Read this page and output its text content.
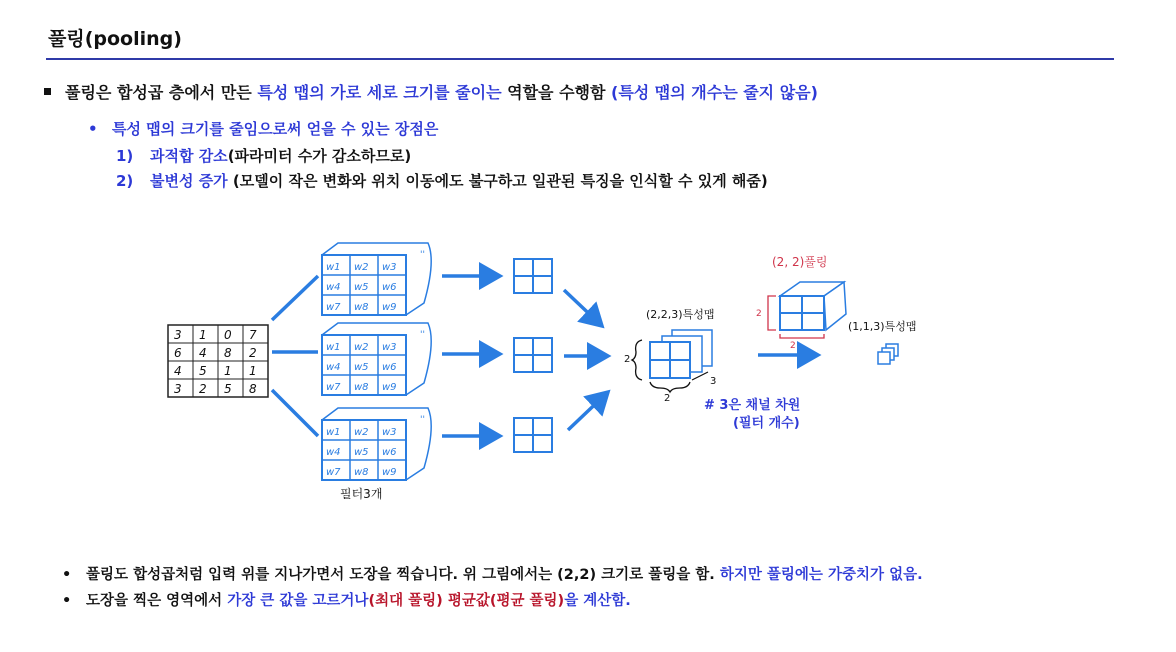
풀링(pooling)
풀링은 합성곱 층에서 만든 특성 맵의 가로 세로 크기를 줄이는 역할을 수행함 (특성 맵의 개수는 줄지 않음)
• 특성 맵의 크기를 줄임으로써 얻을 수 있는 장점은
1) 과적합 감소(파라미터 수가 감소하므로)
2) 불변성 증가 (모델이 작은 변화와 위치 이동에도 불구하고 일관된 특징을 인식할 수 있게 해줌)
3 1 0 7
6 4 8 2
4 5 1 1
3 2 5 8
w1 w2 w3
w4 w5 w6
w7 w8 w9
''
w1 w2 w3
w4 w5 w6
w7 w8 w9
''
w1 w2 w3
w4 w5 w6
w7 w8 w9
''
필터3개
(2,2,3)특성맵
2
2
3
# 3은 채널 차원
(필터 개수)
(2, 2)풀링
2
2
(1,1,3)특성맵
• 풀링도 합성곱처럼 입력 위를 지나가면서 도장을 찍습니다. 위 그림에서는 (2,2) 크기로 풀링을 함. 하지만 풀링에는 가중치가 없음.
• 도장을 찍은 영역에서 가장 큰 값을 고르거나(최대 풀링) 평균값(평균 풀링)을 계산함.
